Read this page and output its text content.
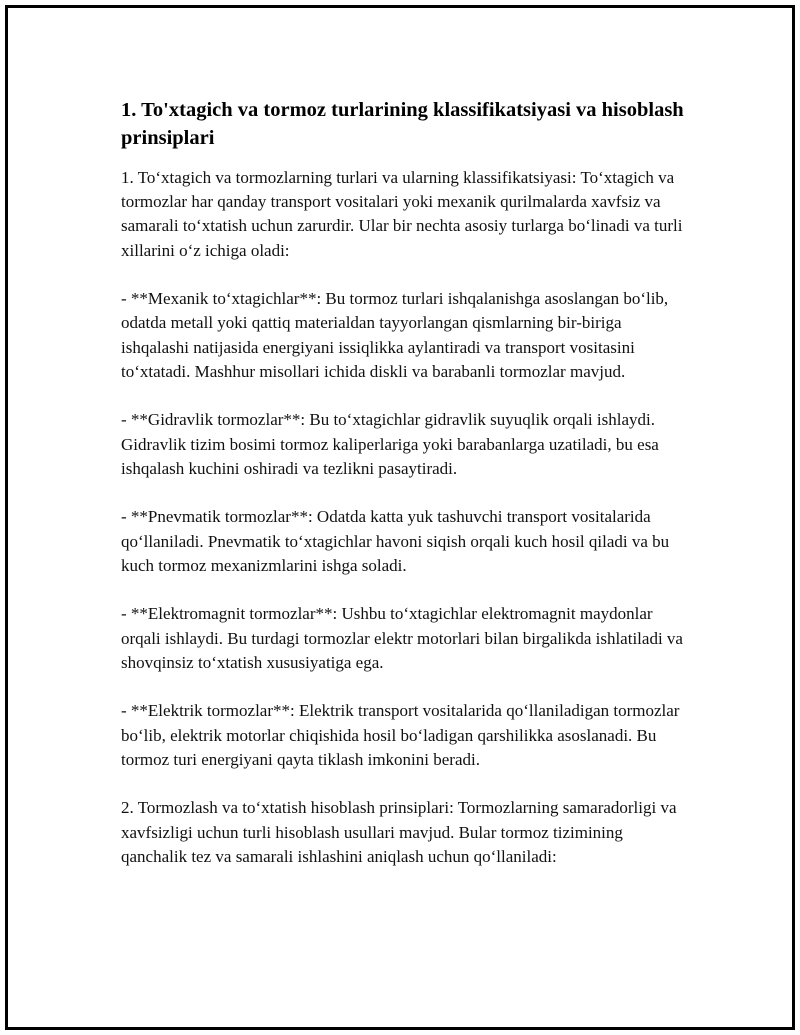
1. To'xtagich va tormoz turlarining klassifikatsiyasi va hisoblash prinsiplari

1. To‘xtagich va tormozlarning turlari va ularning klassifikatsiyasi: To‘xtagich va tormozlar har qanday transport vositalari yoki mexanik qurilmalarda xavfsiz va samarali to‘xtatish uchun zarurdir. Ular bir nechta asosiy turlarga bo‘linadi va turli xillarini o‘z ichiga oladi:

- **Mexanik to‘xtagichlar**: Bu tormoz turlari ishqalanishga asoslangan bo‘lib, odatda metall yoki qattiq materialdan tayyorlangan qismlarning bir-biriga ishqalashi natijasida energiyani issiqlikka aylantiradi va transport vositasini to‘xtatadi. Mashhur misollari ichida diskli va barabanli tormozlar mavjud.

- **Gidravlik tormozlar**: Bu to‘xtagichlar gidravlik suyuqlik orqali ishlaydi. Gidravlik tizim bosimi tormoz kaliperlariga yoki barabanlarga uzatiladi, bu esa ishqalash kuchini oshiradi va tezlikni pasaytiradi.

- **Pnevmatik tormozlar**: Odatda katta yuk tashuvchi transport vositalarida qo‘llaniladi. Pnevmatik to‘xtagichlar havoni siqish orqali kuch hosil qiladi va bu kuch tormoz mexanizmlarini ishga soladi.

- **Elektromagnit tormozlar**: Ushbu to‘xtagichlar elektromagnit maydonlar orqali ishlaydi. Bu turdagi tormozlar elektr motorlari bilan birgalikda ishlatiladi va shovqinsiz to‘xtatish xususiyatiga ega.

- **Elektrik tormozlar**: Elektrik transport vositalarida qo‘llaniladigan tormozlar bo‘lib, elektrik motorlar chiqishida hosil bo‘ladigan qarshilikka asoslanadi. Bu tormoz turi energiyani qayta tiklash imkonini beradi.

2. Tormozlash va to‘xtatish hisoblash prinsiplari: Tormozlarning samaradorligi va xavfsizligi uchun turli hisoblash usullari mavjud. Bular tormoz tizimining qanchalik tez va samarali ishlashini aniqlash uchun qo‘llaniladi:
